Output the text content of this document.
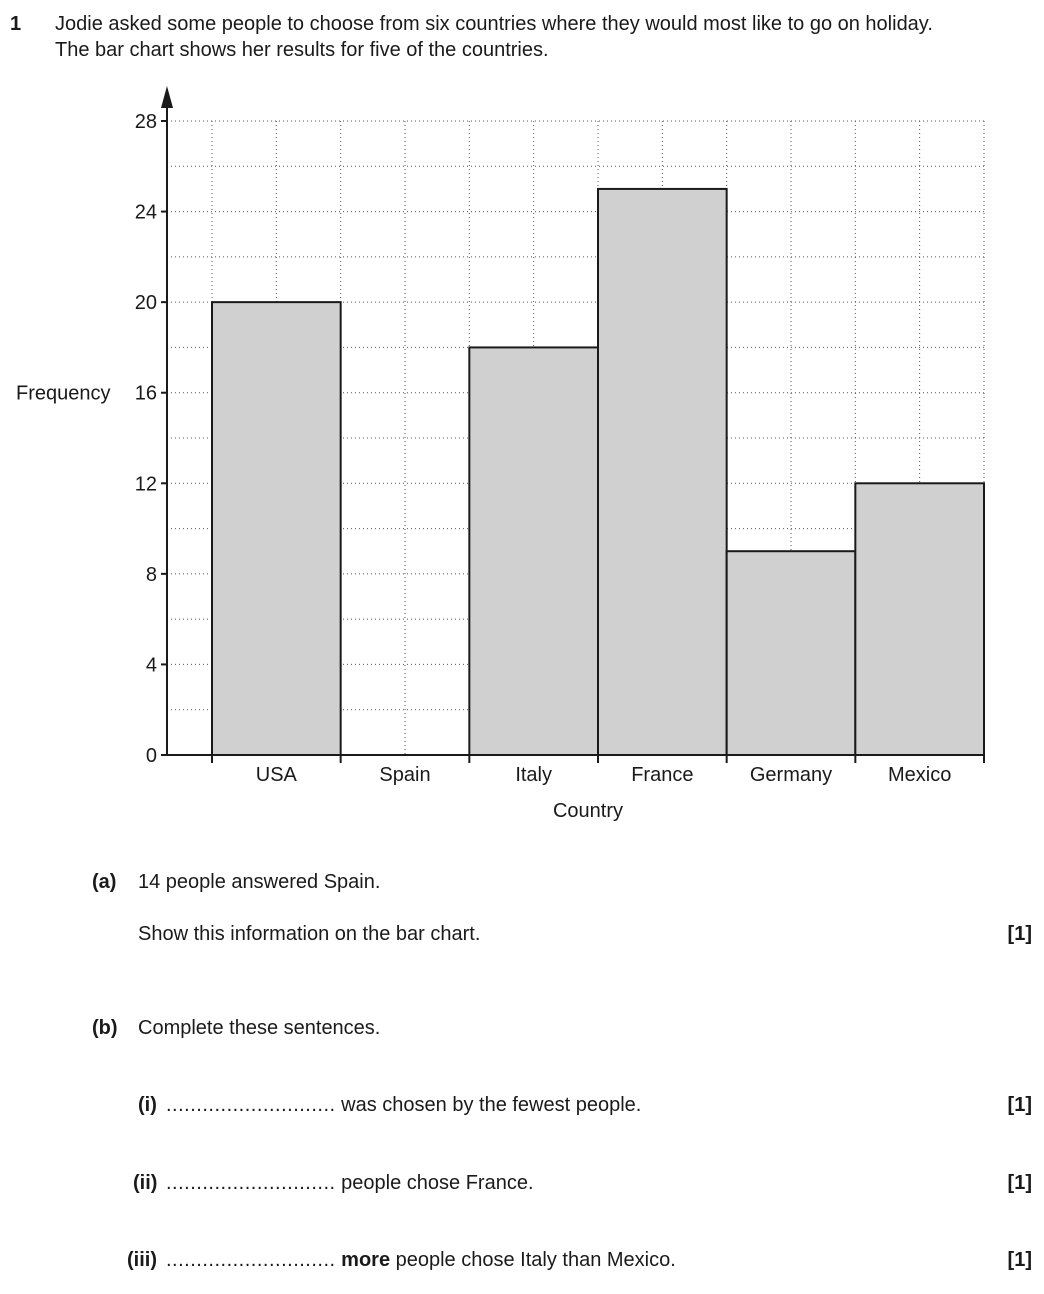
1 Jodie asked some people to choose from six countries where they would most like to go on holiday.
The bar chart shows her results for five of the countries.
0
4
8
12
16
20
24
28
USA	Spain	Italy	France	Germany	Mexico
Country
Frequency
(a) 14 people answered Spain.
Show this information on the bar chart.	[1]
(b) Complete these sentences.
(i) ............................ was chosen by the fewest people.	[1]
(ii) ............................ people chose France.	[1]
(iii) ............................ more people chose Italy than Mexico.	[1]
